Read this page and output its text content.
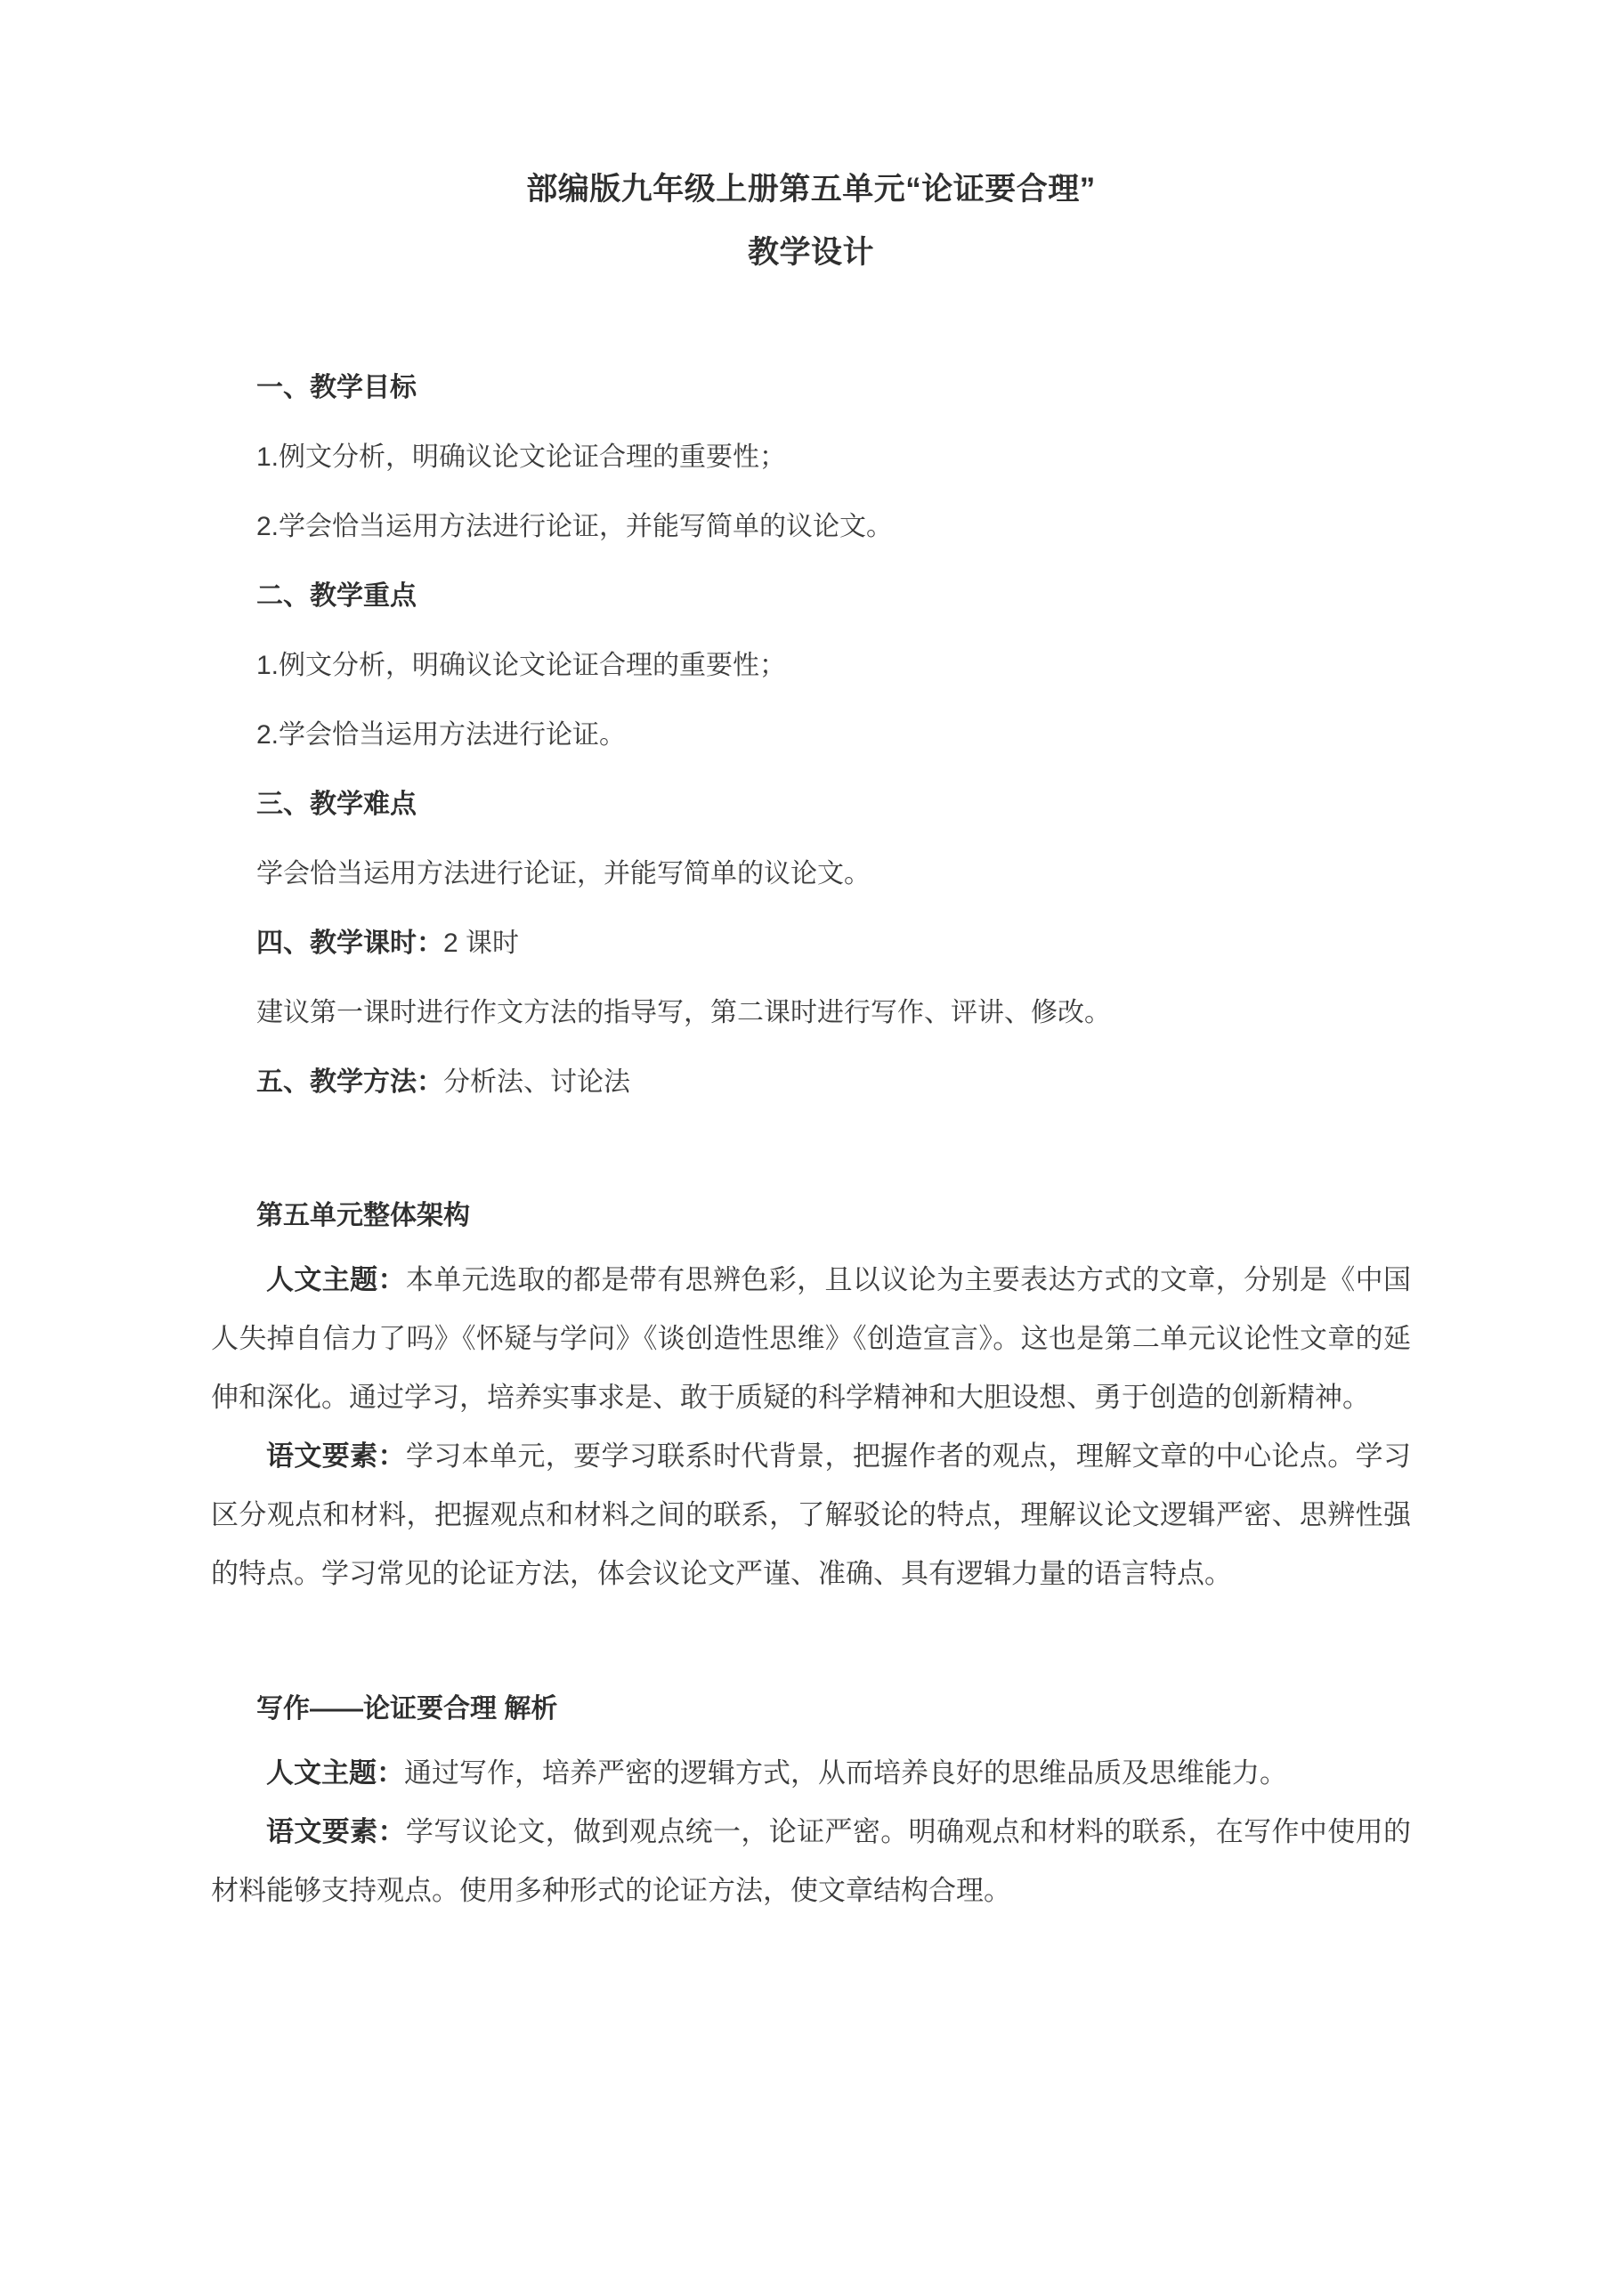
部编版九年级上册第五单元“论证要合理”
教学设计
一、教学目标
1.例文分析，明确议论文论证合理的重要性；
2.学会恰当运用方法进行论证，并能写简单的议论文。
二、教学重点
1.例文分析，明确议论文论证合理的重要性；
2.学会恰当运用方法进行论证。
三、教学难点
学会恰当运用方法进行论证，并能写简单的议论文。
四、教学课时：2 课时
建议第一课时进行作文方法的指导写，第二课时进行写作、评讲、修改。
五、教学方法：分析法、讨论法
第五单元整体架构

人文主题：本单元选取的都是带有思辨色彩，且以议论为主要表达方式的文章，分别是《中国人失掉自信力了吗》《怀疑与学问》《谈创造性思维》《创造宣言》。这也是第二单元议论性文章的延伸和深化。通过学习，培养实事求是、敢于质疑的科学精神和大胆设想、勇于创造的创新精神。

语文要素：学习本单元，要学习联系时代背景，把握作者的观点，理解文章的中心论点。学习区分观点和材料，把握观点和材料之间的联系，了解驳论的特点，理解议论文逻辑严密、思辨性强的特点。学习常见的论证方法，体会议论文严谨、准确、具有逻辑力量的语言特点。

写作——论证要合理 解析

人文主题：通过写作，培养严密的逻辑方式，从而培养良好的思维品质及思维能力。

语文要素：学写议论文，做到观点统一，论证严密。明确观点和材料的联系，在写作中使用的材料能够支持观点。使用多种形式的论证方法，使文章结构合理。
